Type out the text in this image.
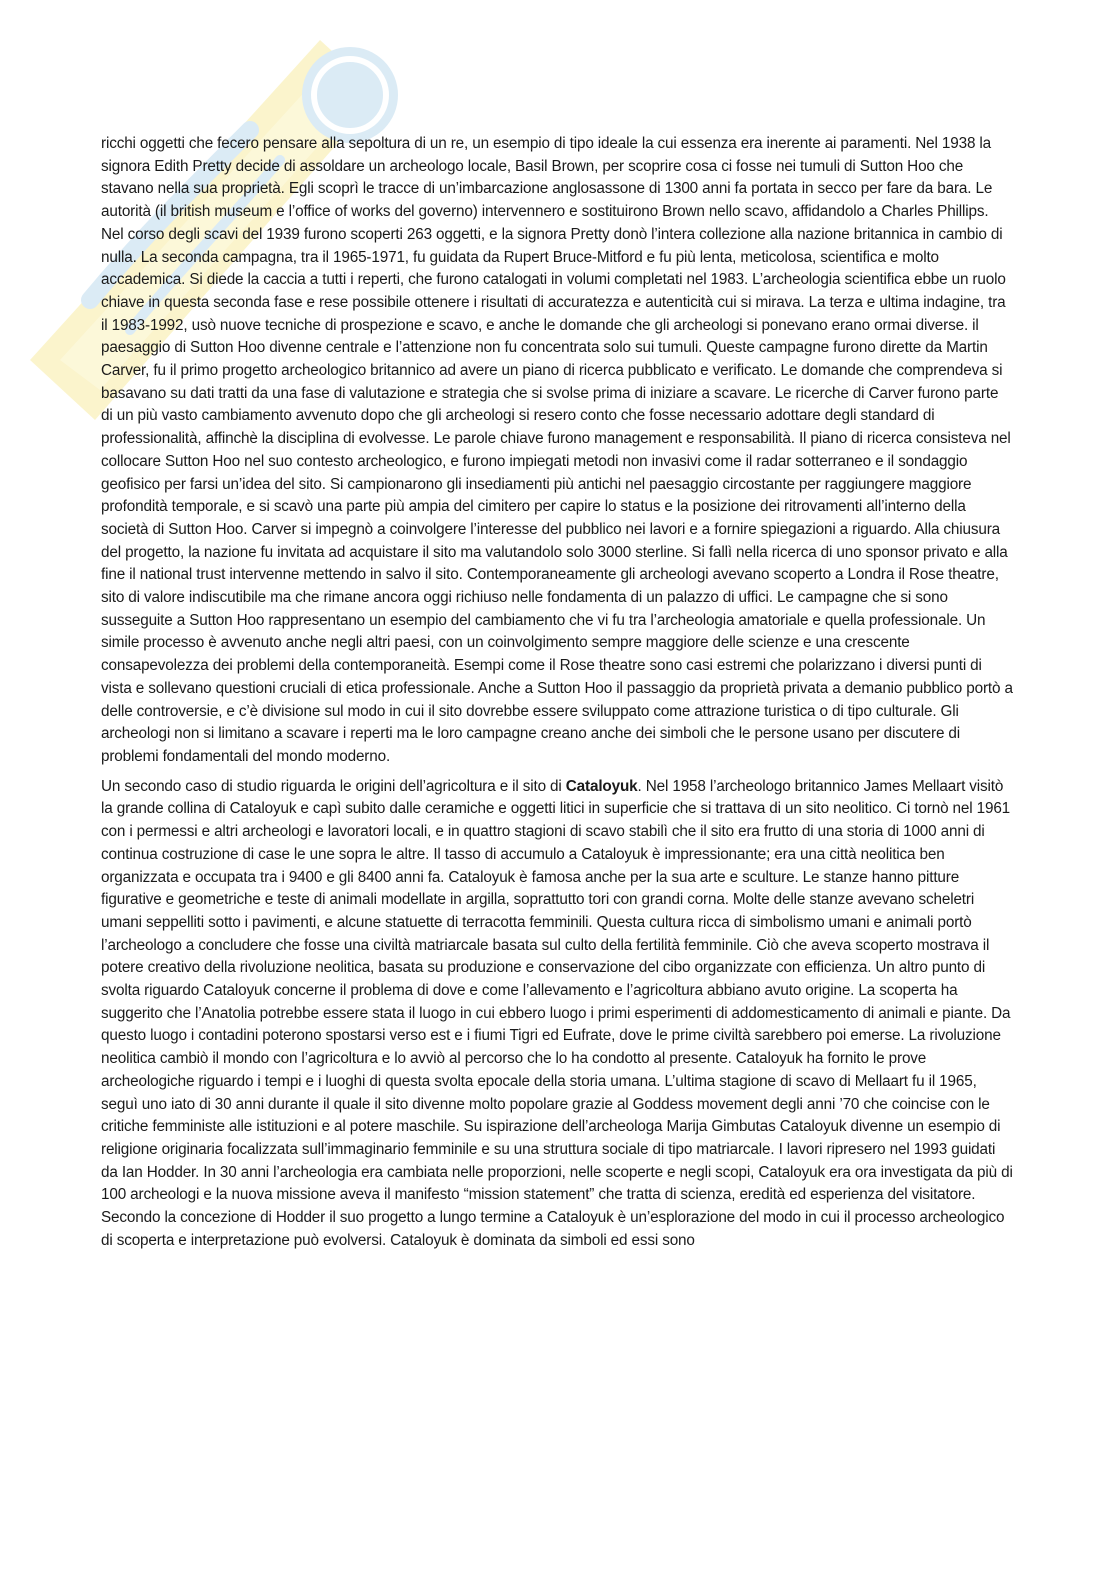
ricchi oggetti che fecero pensare alla sepoltura di un re, un esempio di tipo ideale la cui essenza era inerente ai paramenti. Nel 1938 la signora Edith Pretty decide di assoldare un archeologo locale, Basil Brown, per scoprire cosa ci fosse nei tumuli di Sutton Hoo che stavano nella sua proprietà. Egli scoprì le tracce di un’imbarcazione anglosassone di 1300 anni fa portata in secco per fare da bara. Le autorità (il british museum e l’office of works del governo) intervennero e sostituirono Brown nello scavo, affidandolo a Charles Phillips. Nel corso degli scavi del 1939 furono scoperti 263 oggetti, e la signora Pretty donò l’intera collezione alla nazione britannica in cambio di nulla. La seconda campagna, tra il 1965-1971, fu guidata da Rupert Bruce-Mitford e fu più lenta, meticolosa, scientifica e molto accademica. Si diede la caccia a tutti i reperti, che furono catalogati in volumi completati nel 1983. L’archeologia scientifica ebbe un ruolo chiave in questa seconda fase e rese possibile ottenere i risultati di accuratezza e autenticità cui si mirava. La terza e ultima indagine, tra il 1983-1992, usò nuove tecniche di prospezione e scavo, e anche le domande che gli archeologi si ponevano erano ormai diverse. il paesaggio di Sutton Hoo divenne centrale e l’attenzione non fu concentrata solo sui tumuli. Queste campagne furono dirette da Martin Carver, fu il primo progetto archeologico britannico ad avere un piano di ricerca pubblicato e verificato. Le domande che comprendeva si basavano su dati tratti da una fase di valutazione e strategia che si svolse prima di iniziare a scavare. Le ricerche di Carver furono parte di un più vasto cambiamento avvenuto dopo che gli archeologi si resero conto che fosse necessario adottare degli standard di professionalità, affinchè la disciplina di evolvesse. Le parole chiave furono management e responsabilità. Il piano di ricerca consisteva nel collocare Sutton Hoo nel suo contesto archeologico, e furono impiegati metodi non invasivi come il radar sotterraneo e il sondaggio geofisico per farsi un’idea del sito. Si campionarono gli insediamenti più antichi nel paesaggio circostante per raggiungere maggiore profondità temporale, e si scavò una parte più ampia del cimitero per capire lo status e la posizione dei ritrovamenti all’interno della società di Sutton Hoo. Carver si impegnò a coinvolgere l’interesse del pubblico nei lavori e a fornire spiegazioni a riguardo. Alla chiusura del progetto, la nazione fu invitata ad acquistare il sito ma valutandolo solo 3000 sterline. Si fallì nella ricerca di uno sponsor privato e alla fine il national trust intervenne mettendo in salvo il sito. Contemporaneamente gli archeologi avevano scoperto a Londra il Rose theatre, sito di valore indiscutibile ma che rimane ancora oggi richiuso nelle fondamenta di un palazzo di uffici. Le campagne che si sono susseguite a Sutton Hoo rappresentano un esempio del cambiamento che vi fu tra l’archeologia amatoriale e quella professionale. Un simile processo è avvenuto anche negli altri paesi, con un coinvolgimento sempre maggiore delle scienze e una crescente consapevolezza dei problemi della contemporaneità. Esempi come il Rose theatre sono casi estremi che polarizzano i diversi punti di vista e sollevano questioni cruciali di etica professionale. Anche a Sutton Hoo il passaggio da proprietà privata a demanio pubblico portò a delle controversie, e c’è divisione sul modo in cui il sito dovrebbe essere sviluppato come attrazione turistica o di tipo culturale. Gli archeologi non si limitano a scavare i reperti ma le loro campagne creano anche dei simboli che le persone usano per discutere di problemi fondamentali del mondo moderno.

Un secondo caso di studio riguarda le origini dell’agricoltura e il sito di Cataloyuk. Nel 1958 l’archeologo britannico James Mellaart visitò la grande collina di Cataloyuk e capì subito dalle ceramiche e oggetti litici in superficie che si trattava di un sito neolitico. Ci tornò nel 1961 con i permessi e altri archeologi e lavoratori locali, e in quattro stagioni di scavo stabilì che il sito era frutto di una storia di 1000 anni di continua costruzione di case le une sopra le altre. Il tasso di accumulo a Cataloyuk è impressionante; era una città neolitica ben organizzata e occupata tra i 9400 e gli 8400 anni fa. Cataloyuk è famosa anche per la sua arte e sculture. Le stanze hanno pitture figurative e geometriche e teste di animali modellate in argilla, soprattutto tori con grandi corna. Molte delle stanze avevano scheletri umani seppelliti sotto i pavimenti, e alcune statuette di terracotta femminili. Questa cultura ricca di simbolismo umani e animali portò l’archeologo a concludere che fosse una civiltà matriarcale basata sul culto della fertilità femminile. Ciò che aveva scoperto mostrava il potere creativo della rivoluzione neolitica, basata su produzione e conservazione del cibo organizzate con efficienza. Un altro punto di svolta riguardo Cataloyuk concerne il problema di dove e come l’allevamento e l’agricoltura abbiano avuto origine. La scoperta ha suggerito che l’Anatolia potrebbe essere stata il luogo in cui ebbero luogo i primi esperimenti di addomesticamento di animali e piante. Da questo luogo i contadini poterono spostarsi verso est e i fiumi Tigri ed Eufrate, dove le prime civiltà sarebbero poi emerse. La rivoluzione neolitica cambiò il mondo con l’agricoltura e lo avviò al percorso che lo ha condotto al presente. Cataloyuk ha fornito le prove archeologiche riguardo i tempi e i luoghi di questa svolta epocale della storia umana. L’ultima stagione di scavo di Mellaart fu il 1965, seguì uno iato di 30 anni durante il quale il sito divenne molto popolare grazie al Goddess movement degli anni ’70 che coincise con le critiche femministe alle istituzioni e al potere maschile. Su ispirazione dell’archeologa Marija Gimbutas Cataloyuk divenne un esempio di religione originaria focalizzata sull’immaginario femminile e su una struttura sociale di tipo matriarcale. I lavori ripresero nel 1993 guidati da Ian Hodder. In 30 anni l’archeologia era cambiata nelle proporzioni, nelle scoperte e negli scopi, Cataloyuk era ora investigata da più di 100 archeologi e la nuova missione aveva il manifesto “mission statement” che tratta di scienza, eredità ed esperienza del visitatore. Secondo la concezione di Hodder il suo progetto a lungo termine a Cataloyuk è un’esplorazione del modo in cui il processo archeologico di scoperta e interpretazione può evolversi. Cataloyuk è dominata da simboli ed essi sono
